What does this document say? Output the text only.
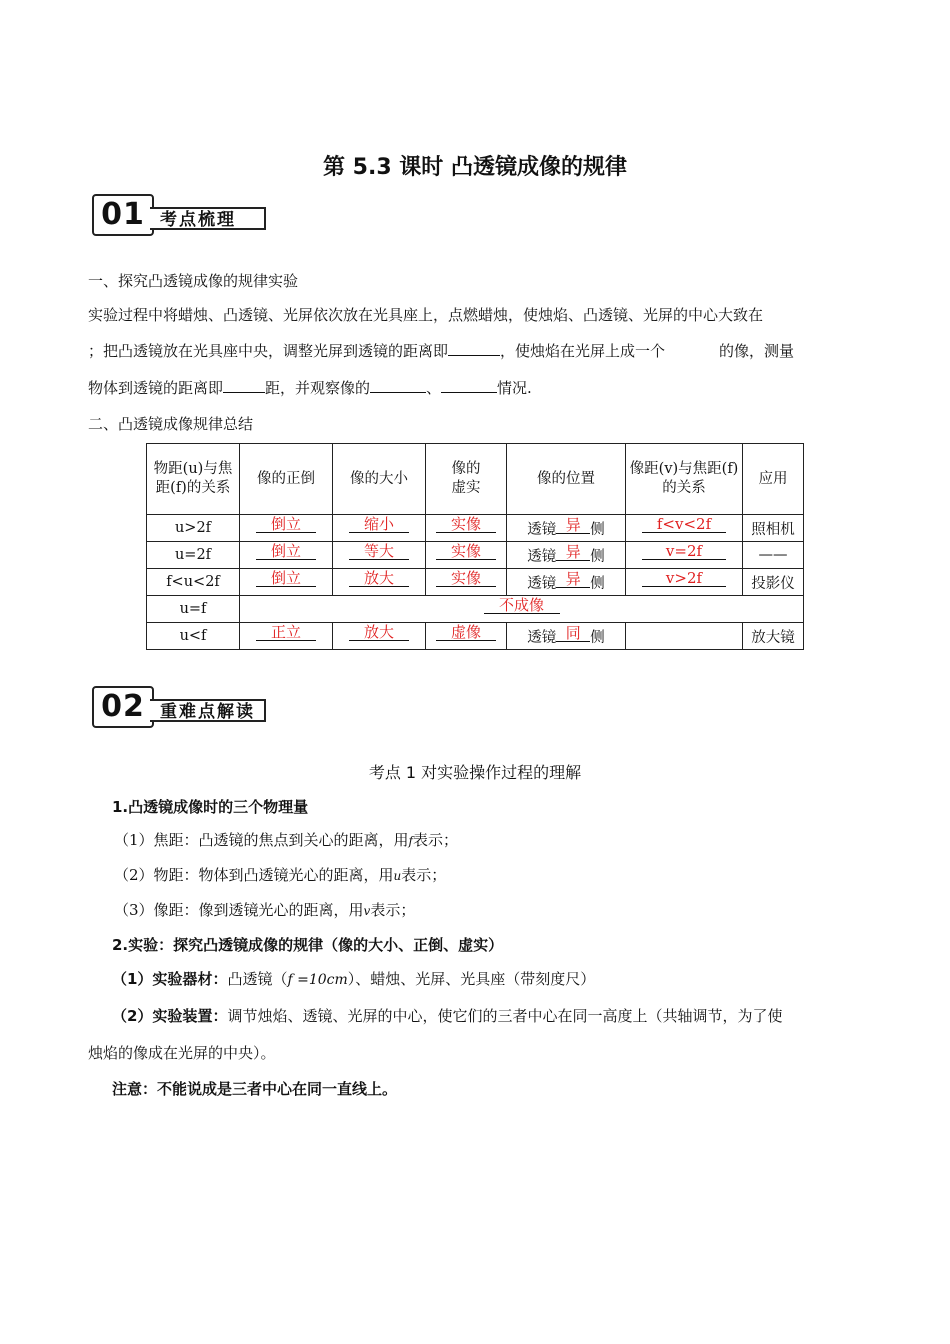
第 5.3 课时 凸透镜成像的规律
01 考点梳理
一、探究凸透镜成像的规律实验
实验过程中将蜡烛、凸透镜、光屏依次放在光具座上，点燃蜡烛，使烛焰、凸透镜、光屏的中心大致在
；把凸透镜放在光具座中央，调整光屏到透镜的距离即	，使烛焰在光屏上成一个	的像，测量
物体到透镜的距离即	距，并观察像的	、	情况.
二、凸透镜成像规律总结
物距(u)与焦距(f)的关系	像的正倒	像的大小	像的虚实	像的位置	像距(v)与焦距(f)的关系	应用
u>2f	倒立	缩小	实像	透镜 异 侧	f<v<2f	照相机
u=2f	倒立	等大	实像	透镜 异 侧	v=2f	——
f<u<2f	倒立	放大	实像	透镜 异 侧	v>2f	投影仪
u=f	不成像					
u<f	正立	放大	虚像	透镜 同 侧		放大镜
02 重难点解读
考点 1 对实验操作过程的理解
1.凸透镜成像时的三个物理量
（1）焦距：凸透镜的焦点到关心的距离，用f表示；
（2）物距：物体到凸透镜光心的距离，用u表示；
（3）像距：像到透镜光心的距离，用v表示；
2.实验：探究凸透镜成像的规律（像的大小、正倒、虚实）
（1）实验器材：凸透镜（f =10cm）、蜡烛、光屏、光具座（带刻度尺）
（2）实验装置：调节烛焰、透镜、光屏的中心，使它们的三者中心在同一高度上（共轴调节，为了使
烛焰的像成在光屏的中央）。
注意：不能说成是三者中心在同一直线上。
